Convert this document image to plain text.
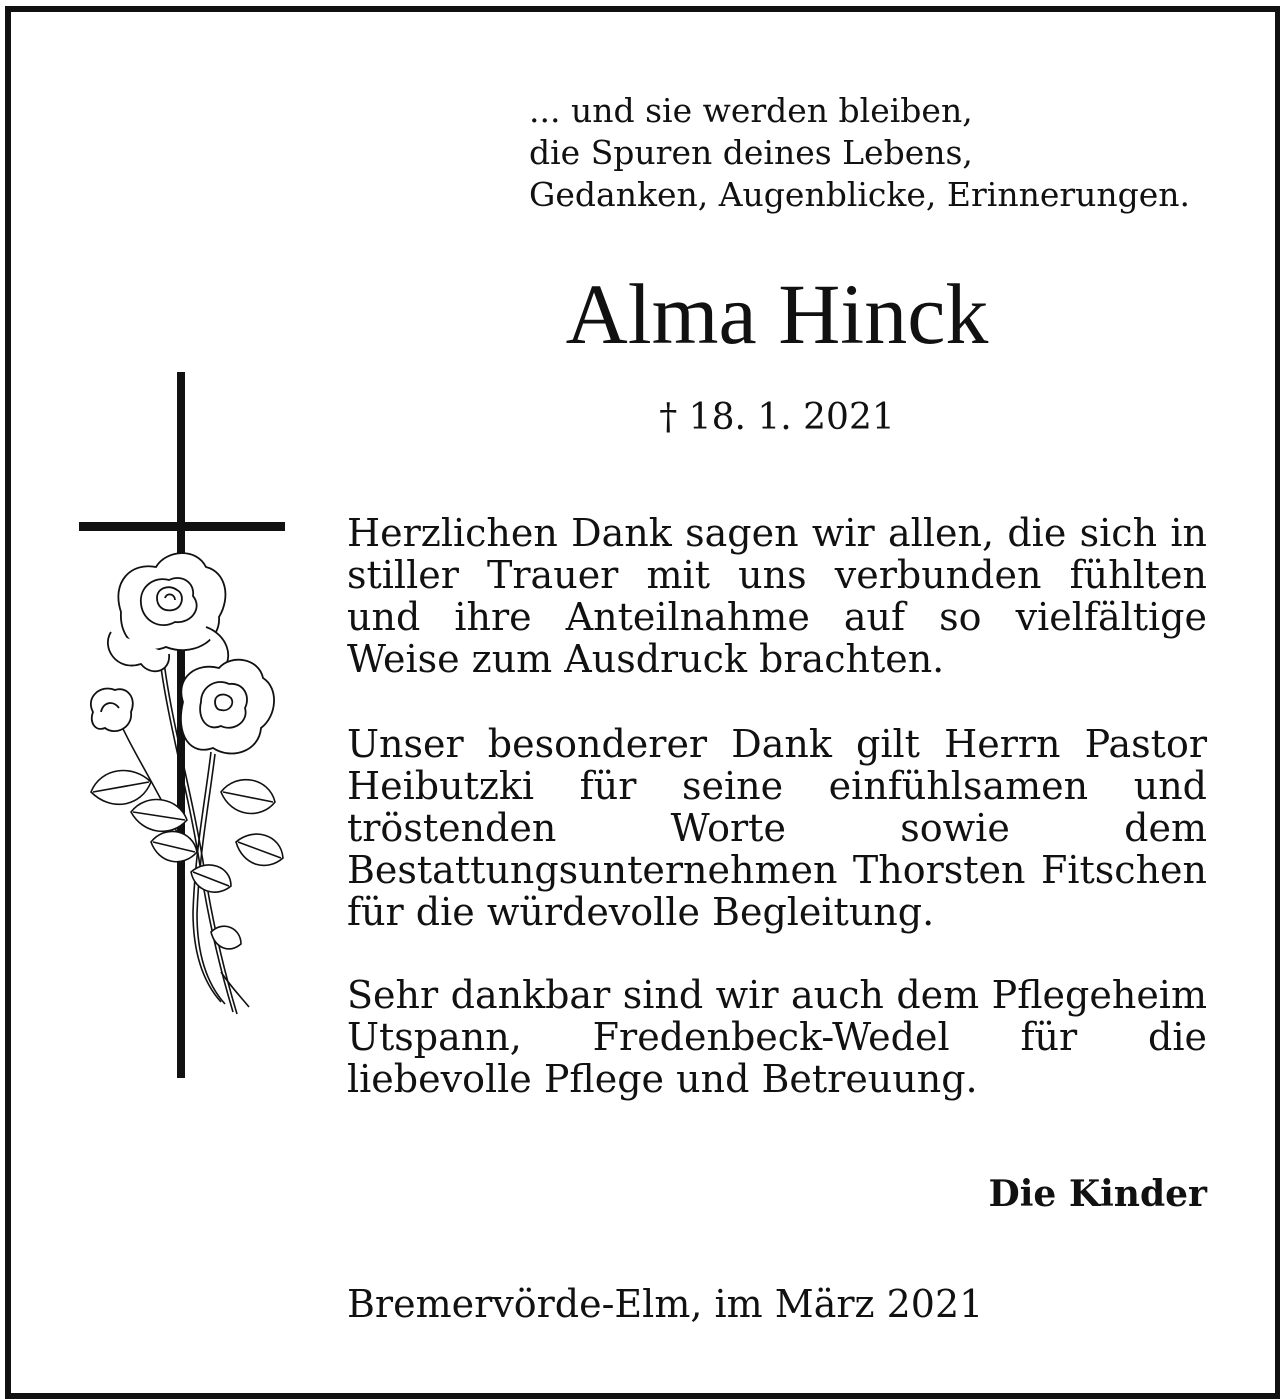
... und sie werden bleiben,
die Spuren deines Lebens,
Gedanken, Augenblicke, Erinnerungen.
Alma Hinck
† 18. 1. 2021
Herzlichen Dank sagen wir allen, die sich in stiller Trauer mit uns verbunden fühlten und ihre Anteilnahme auf so vielfältige Weise zum Ausdruck brachten.
Unser besonderer Dank gilt Herrn Pastor Heibutzki für seine einfühlsamen und tröstenden Worte sowie dem Bestattungsunternehmen Thorsten Fitschen für die würdevolle Begleitung.
Sehr dankbar sind wir auch dem Pflegeheim Utspann, Fredenbeck-Wedel für die liebevolle Pflege und Betreuung.
Die Kinder
Bremervörde-Elm, im März 2021
